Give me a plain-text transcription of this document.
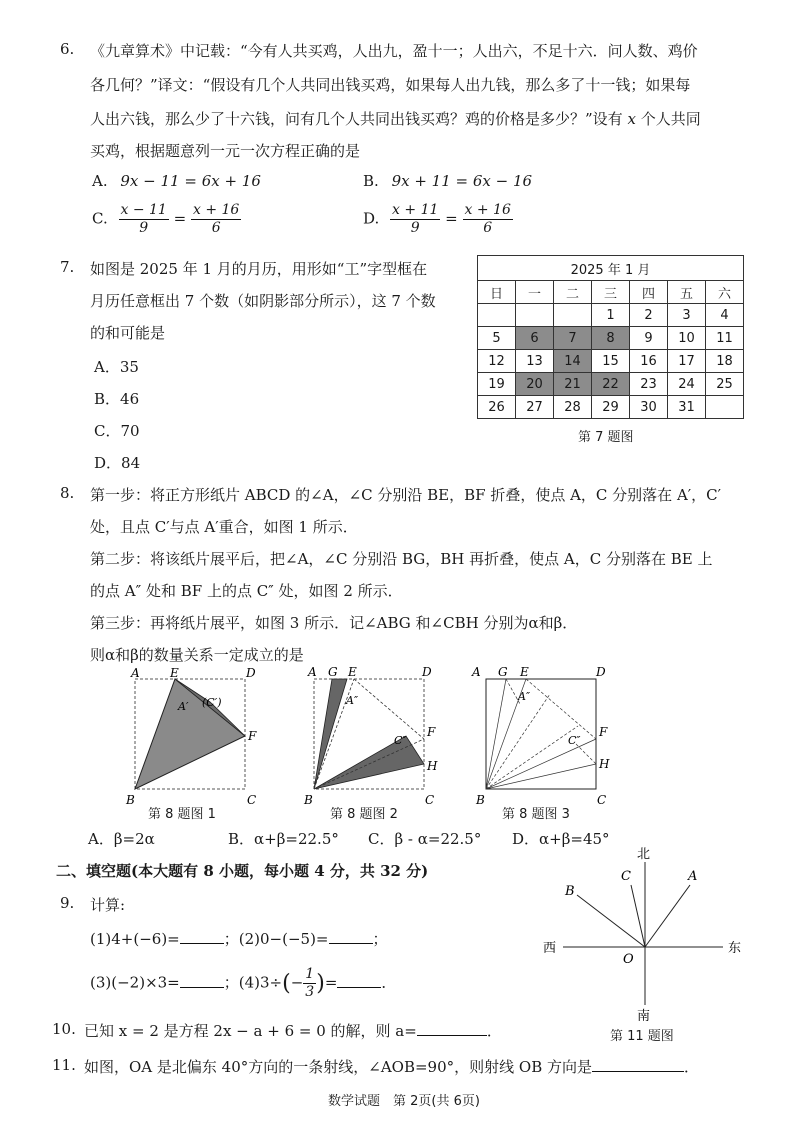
6. 《九章算术》中记载：“今有人共买鸡，人出九，盈十一；人出六，不足十六．问人数、鸡价
各几何？”译文：“假设有几个人共同出钱买鸡，如果每人出九钱，那么多了十一钱；如果每
人出六钱，那么少了十六钱，问有几个人共同出钱买鸡？鸡的价格是多少？”设有 x 个人共同
买鸡，根据题意列一元一次方程正确的是
A. 9x − 11 = 6x + 16	B. 9x + 11 = 6x − 16
C. $\frac{x - 11}{9} = \frac{x + 16}{6}$	D. $\frac{x + 11}{9} = \frac{x + 16}{6}$
7. 如图是 2025 年 1 月的月历，用形如“工”字型框在
月历任意框出 7 个数（如阴影部分所示），这 7 个数
的和可能是
A．35
B．46
C．70
D．84
2025 年 1 月						
日	一	二	三	四	五	六
			1	2	3	4
5	6	7	8	9	10	11
12	13	14	15	16	17	18
19	20	21	22	23	24	25
26	27	28	29	30	31	
第 7 题图
8. 第一步：将正方形纸片 ABCD 的∠A，∠C 分别沿 BE，BF 折叠，使点 A，C 分别落在 A′，C′
处，且点 C′与点 A′重合，如图 1 所示．
第二步：将该纸片展平后，把∠A，∠C 分别沿 BG，BH 再折叠，使点 A，C 分别落在 BE 上
的点 A″ 处和 BF 上的点 C″ 处，如图 2 所示．
第三步：再将纸片展平，如图 3 所示．记∠ABG 和∠CBH 分别为α和β．
则α和β的数量关系一定成立的是
A	E	D
F
B	C
A′ (C′)
第 8 题图 1
A G E	D
A″
C″
F
H
B	C
第 8 题图 2
A G E	D
A″
C″
F
H
B	C
第 8 题图 3
A．β=2α	B．α+β=22.5° C．β - α=22.5° D．α+β=45°
二、填空题(本大题有 8 小题，每小题 4 分，共 32 分)
9. 计算:
(1)4+(−6)=	；(2)0−(−5)=	；
(3)(−2)×3=	；$(4)3\div(- \frac{1}{3}$ )=	．
10. 已知 x = 2 是方程 2x − a + 6 = 0 的解，则 a=	．
11. 如图，OA 是北偏东 40°方向的一条射线，∠AOB=90°，则射线 OB 方向是	．
北
南
西	东
O
A
B
C
第 11 题图
数学试题　第 2页(共 6页)
